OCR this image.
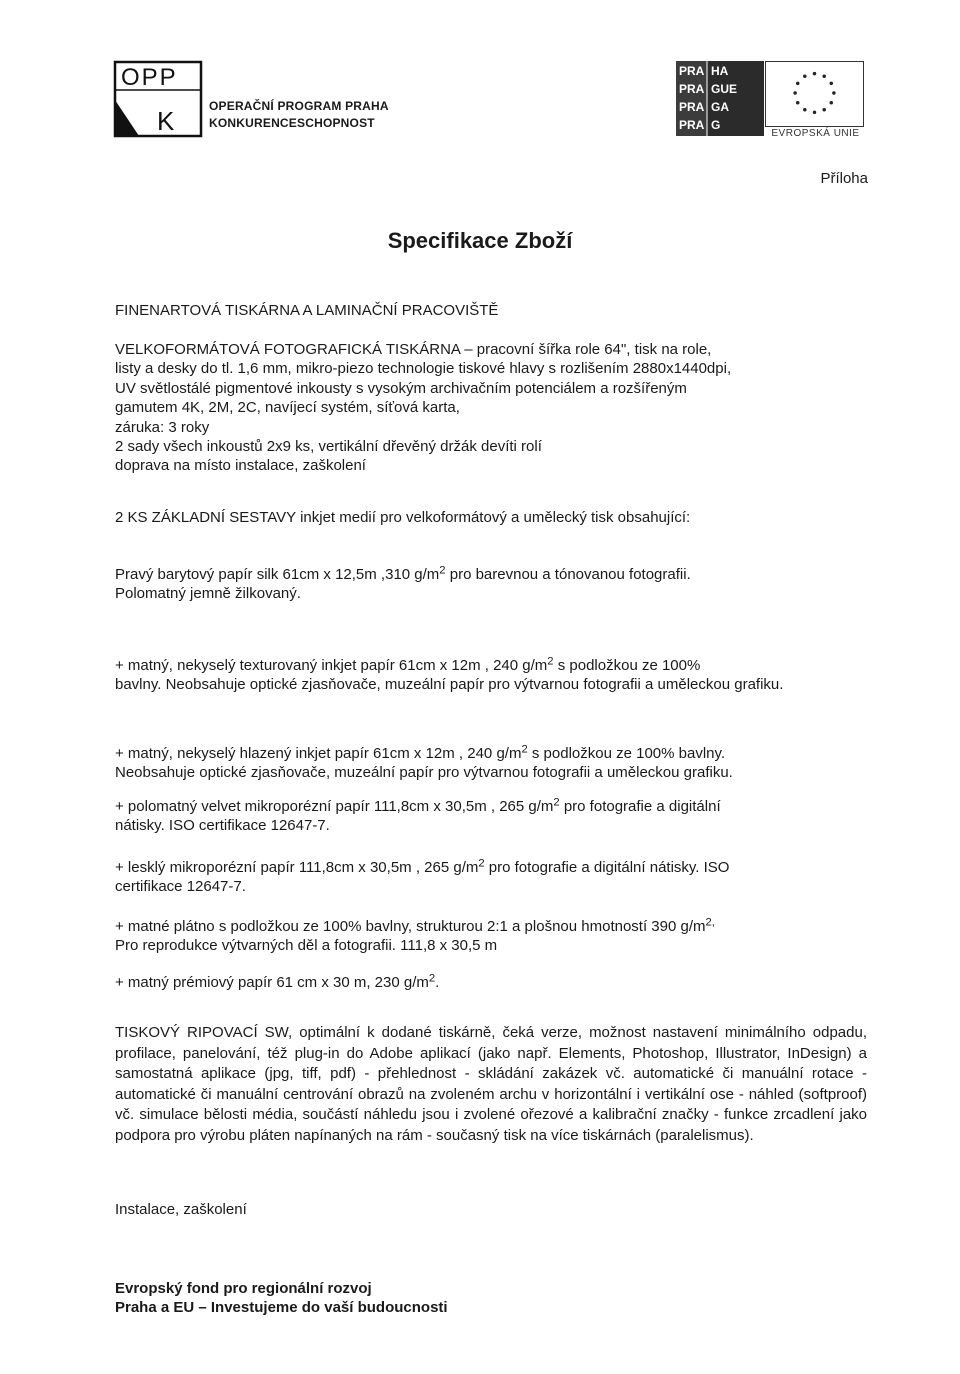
OPP
K	OPERAČNÍ PROGRAM PRAHA
KONKURENCESCHOPNOST
PRA HA
PRA GUE
PRA GA
PRA G
EVROPSKÁ UNIE
Příloha
Specifikace Zboží
FINENARTOVÁ TISKÁRNA A LAMINAČNÍ PRACOVIŠTĚ
VELKOFORMÁTOVÁ FOTOGRAFICKÁ TISKÁRNA – pracovní šířka role 64", tisk na role,
listy a desky do tl. 1,6 mm, mikro-piezo technologie tiskové hlavy s rozlišením 2880x1440dpi,
UV světlostálé pigmentové inkousty s vysokým archivačním potenciálem a rozšířeným
gamutem 4K, 2M, 2C, navíjecí systém, síťová karta,
záruka: 3 roky
2 sady všech inkoustů 2x9 ks, vertikální dřevěný držák devíti rolí
doprava na místo instalace, zaškolení
2 KS ZÁKLADNÍ SESTAVY inkjet medií pro velkoformátový a umělecký tisk obsahující:
Pravý barytový papír silk 61cm x 12,5m ,310 $g/m^2$ pro barevnou a tónovanou fotografii.
Polomatný jemně žilkovaný.
+ matný, nekyselý texturovaný inkjet papír 61cm x 12m , 240 $g/m^2$ s podložkou ze 100%
bavlny. Neobsahuje optické zjasňovače, muzeální papír pro výtvarnou fotografii a uměleckou grafiku.
+ matný, nekyselý hlazený inkjet papír 61cm x 12m , 240 $g/m^2$ s podložkou ze 100% bavlny.
Neobsahuje optické zjasňovače, muzeální papír pro výtvarnou fotografii a uměleckou grafiku.
+ polomatný velvet mikroporézní papír 111,8cm x 30,5m , 265 $g/m^2$ pro fotografie a digitální
nátisky. ISO certifikace 12647-7.
+ lesklý mikroporézní papír 111,8cm x 30,5m , 265 $g/m^2$ pro fotografie a digitální nátisky. ISO
certifikace 12647-7.
+ matné plátno s podložkou ze 100% bavlny, strukturou 2:1 a plošnou hmotností 390 $g/m^{2,}$
Pro reprodukce výtvarných děl a fotografii. 111,8 x 30,5 m
+ matný prémiový papír 61 cm x 30 m, 230 $g/m^2$.
TISKOVÝ RIPOVACÍ SW, optimální k dodané tiskárně, čeká verze, možnost nastavení minimálního odpadu, profilace, panelování, též plug-in do Adobe aplikací (jako např. Elements, Photoshop, Illustrator, InDesign) a samostatná aplikace (jpg, tiff, pdf) - přehlednost - skládání zakázek vč. automatické či manuální rotace - automatické či manuální centrování obrazů na zvoleném archu v horizontální i vertikální ose - náhled (softproof) vč. simulace bělosti média, součástí náhledu jsou i zvolené ořezové a kalibrační značky - funkce zrcadlení jako podpora pro výrobu pláten napínaných na rám - současný tisk na více tiskárnách (paralelismus).
Instalace, zaškolení
Evropský fond pro regionální rozvoj
Praha a EU – Investujeme do vaší budoucnosti
